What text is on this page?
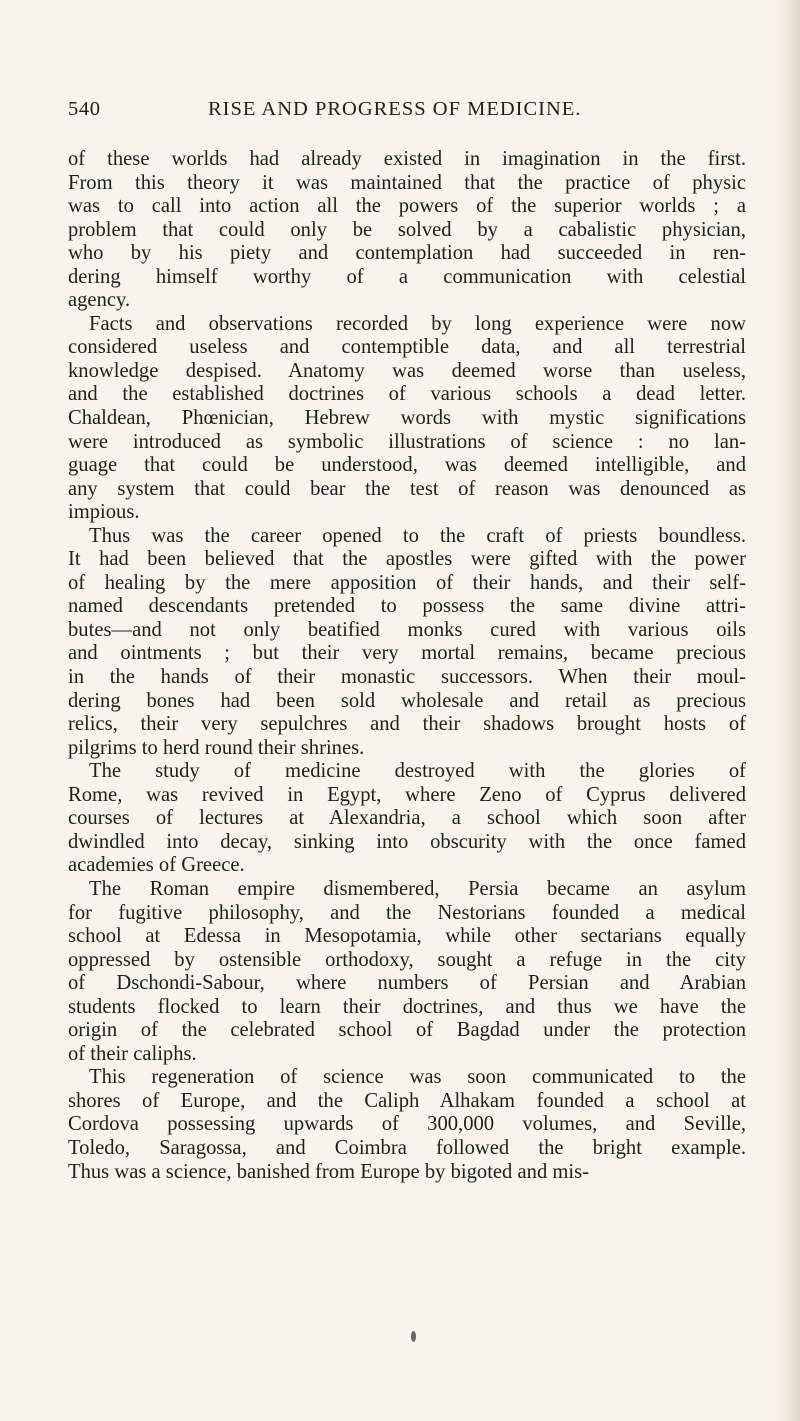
540	RISE AND PROGRESS OF MEDICINE.
of these worlds had already existed in imagination in the first.
From this theory it was maintained that the practice of physic
was to call into action all the powers of the superior worlds ; a
problem that could only be solved by a cabalistic physician,
who by his piety and contemplation had succeeded in ren-
dering himself worthy of a communication with celestial
agency.
Facts and observations recorded by long experience were now
considered useless and contemptible data, and all terrestrial
knowledge despised. Anatomy was deemed worse than useless,
and the established doctrines of various schools a dead letter.
Chaldean, Phœnician, Hebrew words with mystic significations
were introduced as symbolic illustrations of science : no lan-
guage that could be understood, was deemed intelligible, and
any system that could bear the test of reason was denounced as
impious.
Thus was the career opened to the craft of priests boundless.
It had been believed that the apostles were gifted with the power
of healing by the mere apposition of their hands, and their self-
named descendants pretended to possess the same divine attri-
butes—and not only beatified monks cured with various oils
and ointments ; but their very mortal remains, became precious
in the hands of their monastic successors. When their moul-
dering bones had been sold wholesale and retail as precious
relics, their very sepulchres and their shadows brought hosts of
pilgrims to herd round their shrines.
The study of medicine destroyed with the glories of
Rome, was revived in Egypt, where Zeno of Cyprus delivered
courses of lectures at Alexandria, a school which soon after
dwindled into decay, sinking into obscurity with the once famed
academies of Greece.
The Roman empire dismembered, Persia became an asylum
for fugitive philosophy, and the Nestorians founded a medical
school at Edessa in Mesopotamia, while other sectarians equally
oppressed by ostensible orthodoxy, sought a refuge in the city
of Dschondi-Sabour, where numbers of Persian and Arabian
students flocked to learn their doctrines, and thus we have the
origin of the celebrated school of Bagdad under the protection
of their caliphs.
This regeneration of science was soon communicated to the
shores of Europe, and the Caliph Alhakam founded a school at
Cordova possessing upwards of 300,000 volumes, and Seville,
Toledo, Saragossa, and Coimbra followed the bright example.
Thus was a science, banished from Europe by bigoted and mis-
